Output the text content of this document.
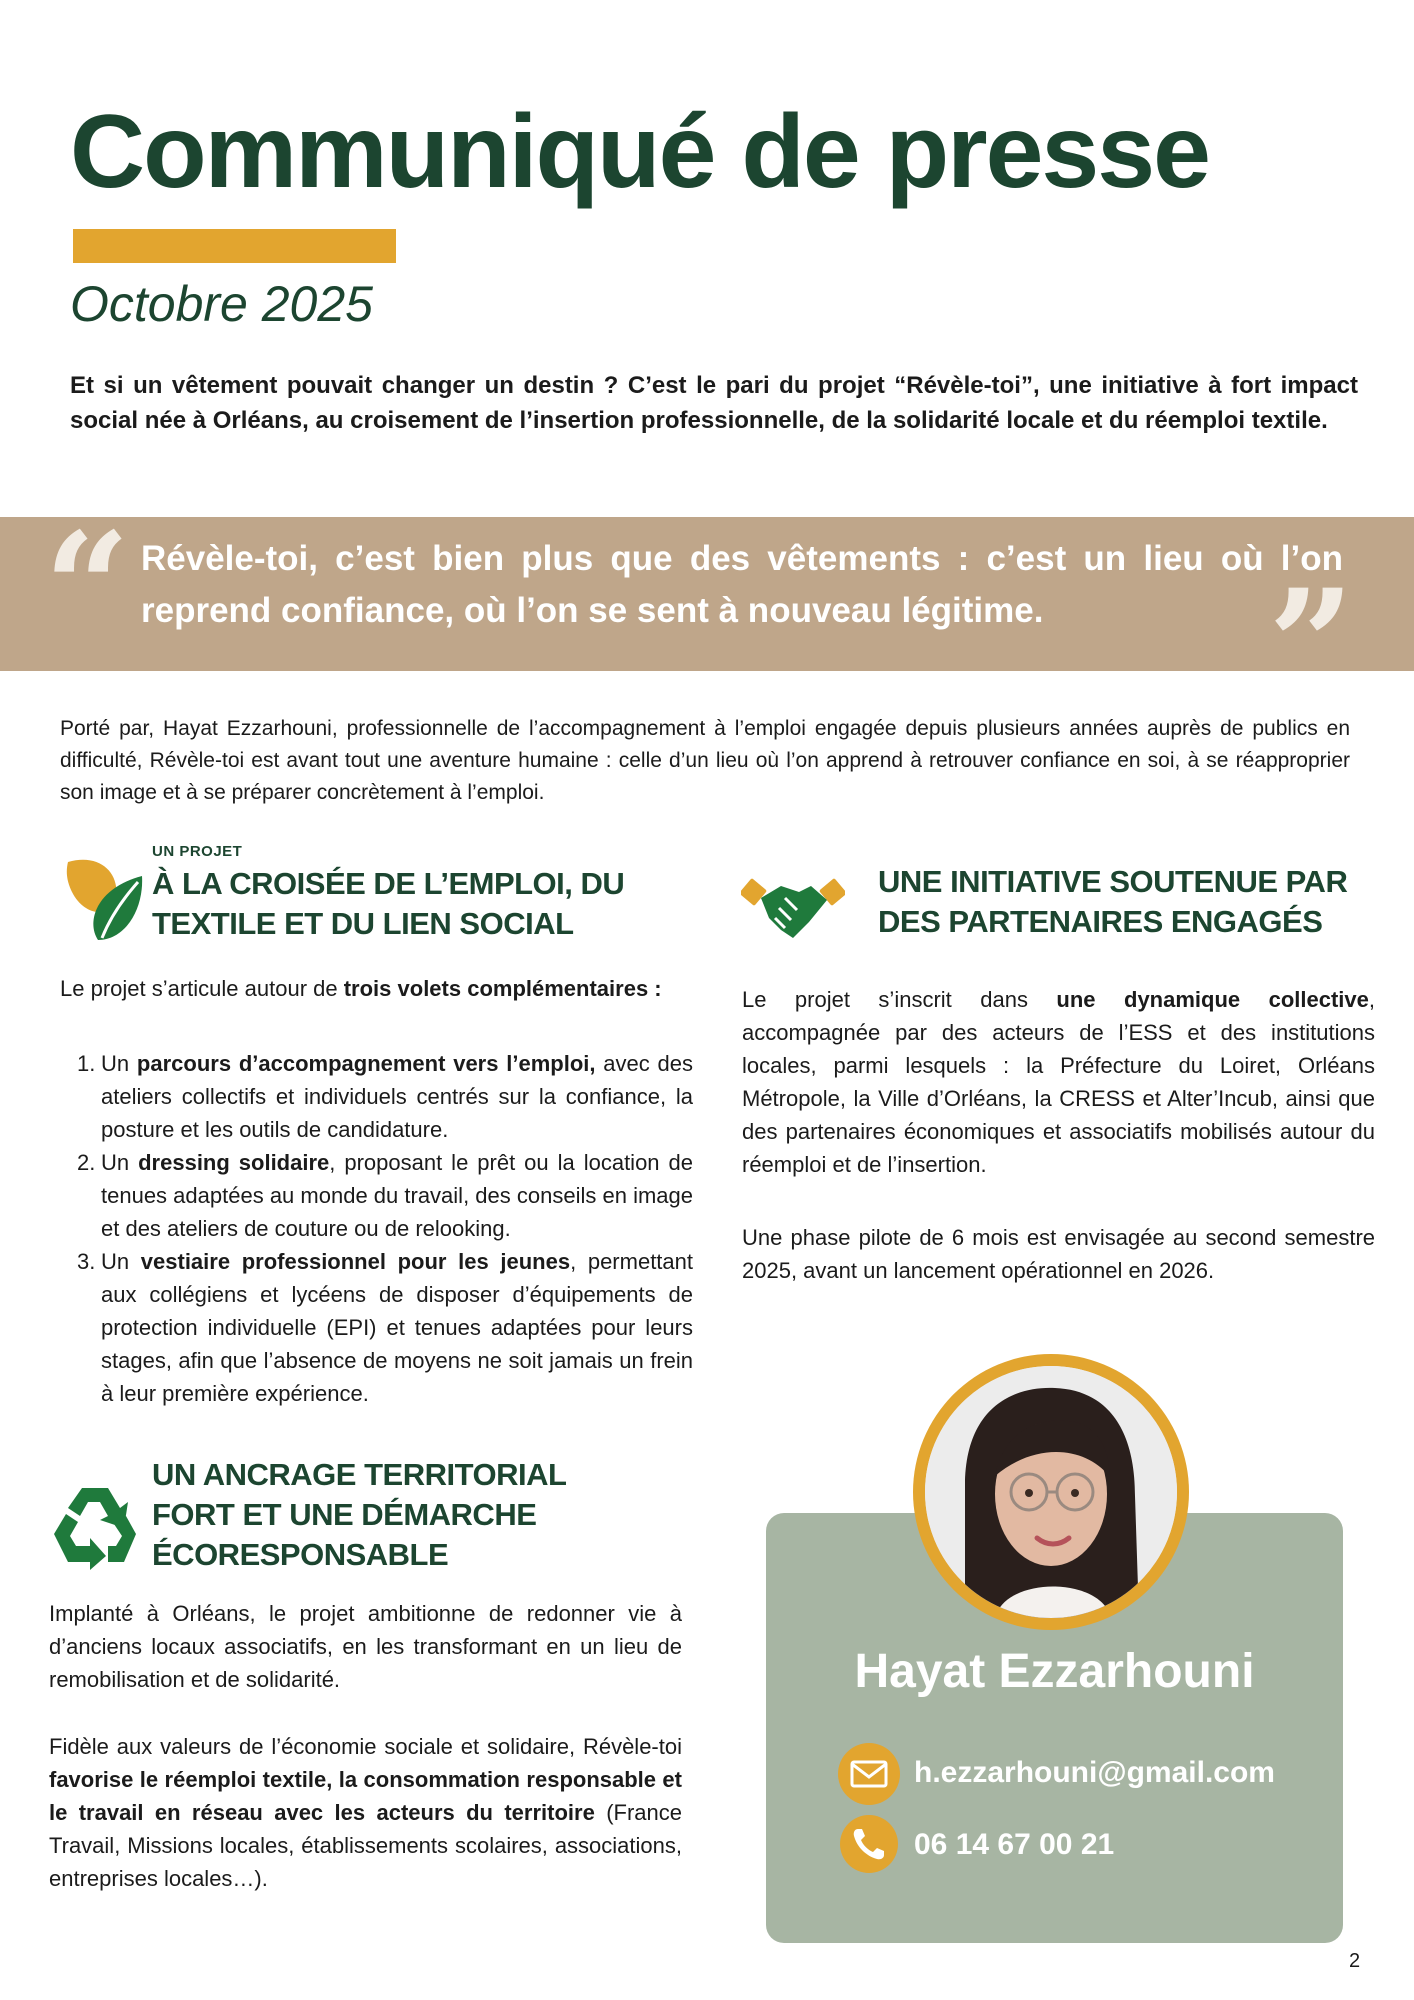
Communiqué de presse
Octobre 2025
Et si un vêtement pouvait changer un destin ? C’est le pari du projet “Révèle-toi”, une initiative à fort impact social née à Orléans, au croisement de l’insertion professionnelle, de la solidarité locale et du réemploi textile.
“	”
Révèle-toi, c’est bien plus que des vêtements : c’est un lieu où l’on reprend confiance, où l’on se sent à nouveau légitime.
Porté par, Hayat Ezzarhouni, professionnelle de l’accompagnement à l’emploi engagée depuis plusieurs années auprès de publics en difficulté, Révèle-toi est avant tout une aventure humaine : celle d’un lieu où l’on apprend à retrouver confiance en soi, à se réapproprier son image et à se préparer concrètement à l’emploi.
UN PROJET
À LA CROISÉE DE L’EMPLOI, DU
TEXTILE ET DU LIEN SOCIAL
Le projet s’articule autour de trois volets complémentaires :
1. Un parcours d’accompagnement vers l’emploi, avec des ateliers collectifs et individuels centrés sur la confiance, la posture et les outils de candidature.
2. Un dressing solidaire, proposant le prêt ou la location de tenues adaptées au monde du travail, des conseils en image et des ateliers de couture ou de relooking.
3. Un vestiaire professionnel pour les jeunes, permettant aux collégiens et lycéens de disposer d’équipements de protection individuelle (EPI) et tenues adaptées pour leurs stages, afin que l’absence de moyens ne soit jamais un frein à leur première expérience.
UNE INITIATIVE SOUTENUE PAR
DES PARTENAIRES ENGAGÉS
Le projet s’inscrit dans une dynamique collective, accompagnée par des acteurs de l’ESS et des institutions locales, parmi lesquels : la Préfecture du Loiret, Orléans Métropole, la Ville d’Orléans, la CRESS et Alter’Incub, ainsi que des partenaires économiques et associatifs mobilisés autour du réemploi et de l’insertion.
Une phase pilote de 6 mois est envisagée au second semestre 2025, avant un lancement opérationnel en 2026.
UN ANCRAGE TERRITORIAL
FORT ET UNE DÉMARCHE
ÉCORESPONSABLE
Implanté à Orléans, le projet ambitionne de redonner vie à d’anciens locaux associatifs, en les transformant en un lieu de remobilisation et de solidarité.
Fidèle aux valeurs de l’économie sociale et solidaire, Révèle-toi favorise le réemploi textile, la consommation responsable et le travail en réseau avec les acteurs du territoire (France Travail, Missions locales, établissements scolaires, associations, entreprises locales…).
Hayat Ezzarhouni
h.ezzarhouni@gmail.com
06 14 67 00 21
2
